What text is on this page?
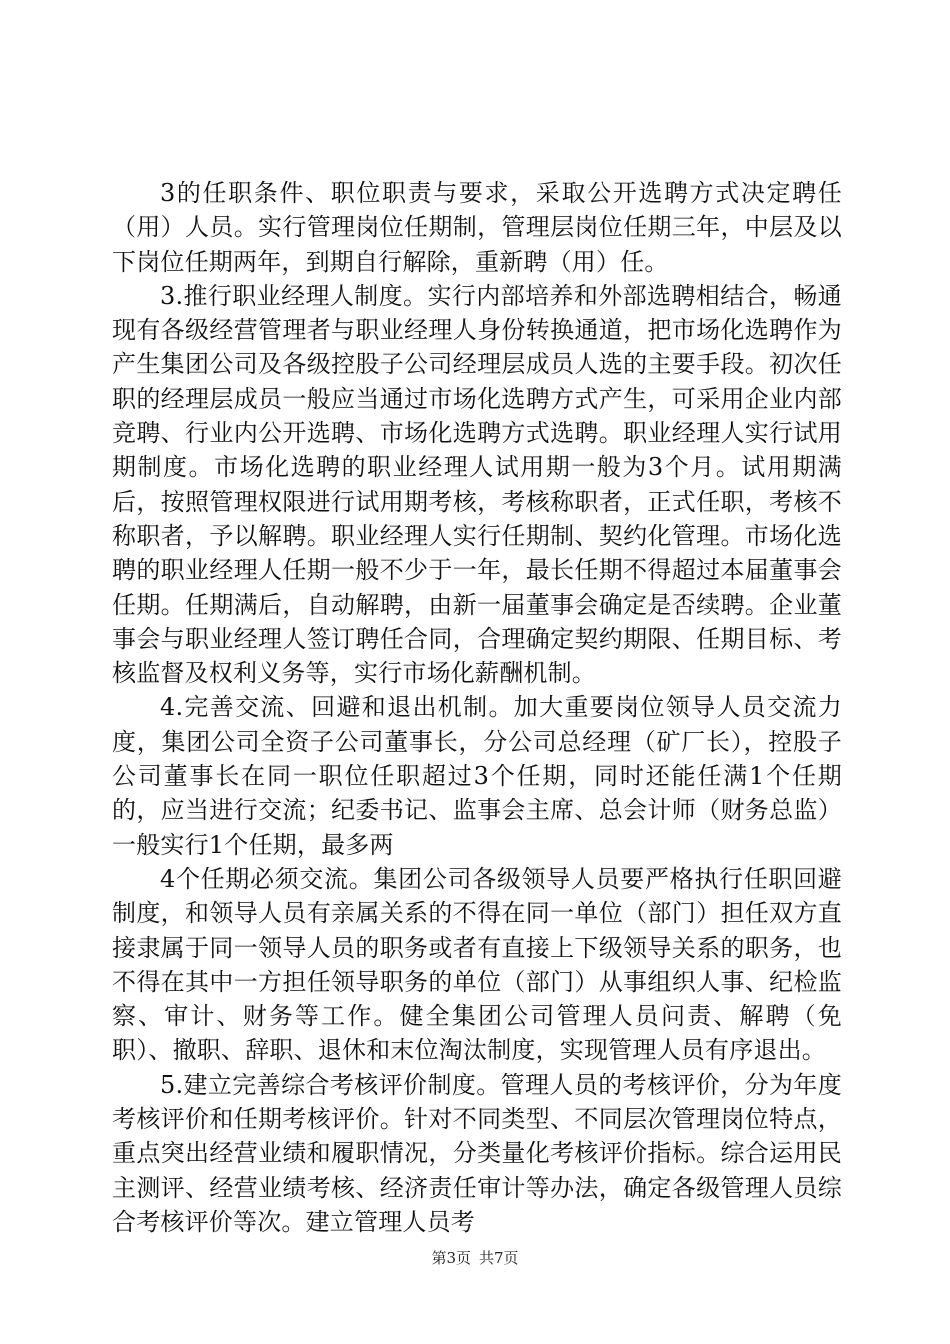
3的任职条件、职位职责与要求，采取公开选聘方式决定聘任（用）人员。实行管理岗位任期制，管理层岗位任期三年，中层及以下岗位任期两年，到期自行解除，重新聘（用）任。

3.推行职业经理人制度。实行内部培养和外部选聘相结合，畅通现有各级经营管理者与职业经理人身份转换通道，把市场化选聘作为产生集团公司及各级控股子公司经理层成员人选的主要手段。初次任职的经理层成员一般应当通过市场化选聘方式产生，可采用企业内部竞聘、行业内公开选聘、市场化选聘方式选聘。职业经理人实行试用期制度。市场化选聘的职业经理人试用期一般为3个月。试用期满后，按照管理权限进行试用期考核，考核称职者，正式任职，考核不称职者，予以解聘。职业经理人实行任期制、契约化管理。市场化选聘的职业经理人任期一般不少于一年，最长任期不得超过本届董事会任期。任期满后，自动解聘，由新一届董事会确定是否续聘。企业董事会与职业经理人签订聘任合同，合理确定契约期限、任期目标、考核监督及权利义务等，实行市场化薪酬机制。

4.完善交流、回避和退出机制。加大重要岗位领导人员交流力度，集团公司全资子公司董事长，分公司总经理（矿厂长），控股子公司董事长在同一职位任职超过3个任期，同时还能任满1个任期的，应当进行交流；纪委书记、监事会主席、总会计师（财务总监）一般实行1个任期，最多两

4个任期必须交流。集团公司各级领导人员要严格执行任职回避制度，和领导人员有亲属关系的不得在同一单位（部门）担任双方直接隶属于同一领导人员的职务或者有直接上下级领导关系的职务，也不得在其中一方担任领导职务的单位（部门）从事组织人事、纪检监察、审计、财务等工作。健全集团公司管理人员问责、解聘（免职）、撤职、辞职、退休和末位淘汰制度，实现管理人员有序退出。

5.建立完善综合考核评价制度。管理人员的考核评价，分为年度考核评价和任期考核评价。针对不同类型、不同层次管理岗位特点，重点突出经营业绩和履职情况，分类量化考核评价指标。综合运用民主测评、经营业绩考核、经济责任审计等办法，确定各级管理人员综合考核评价等次。建立管理人员考

第3页 共7页
